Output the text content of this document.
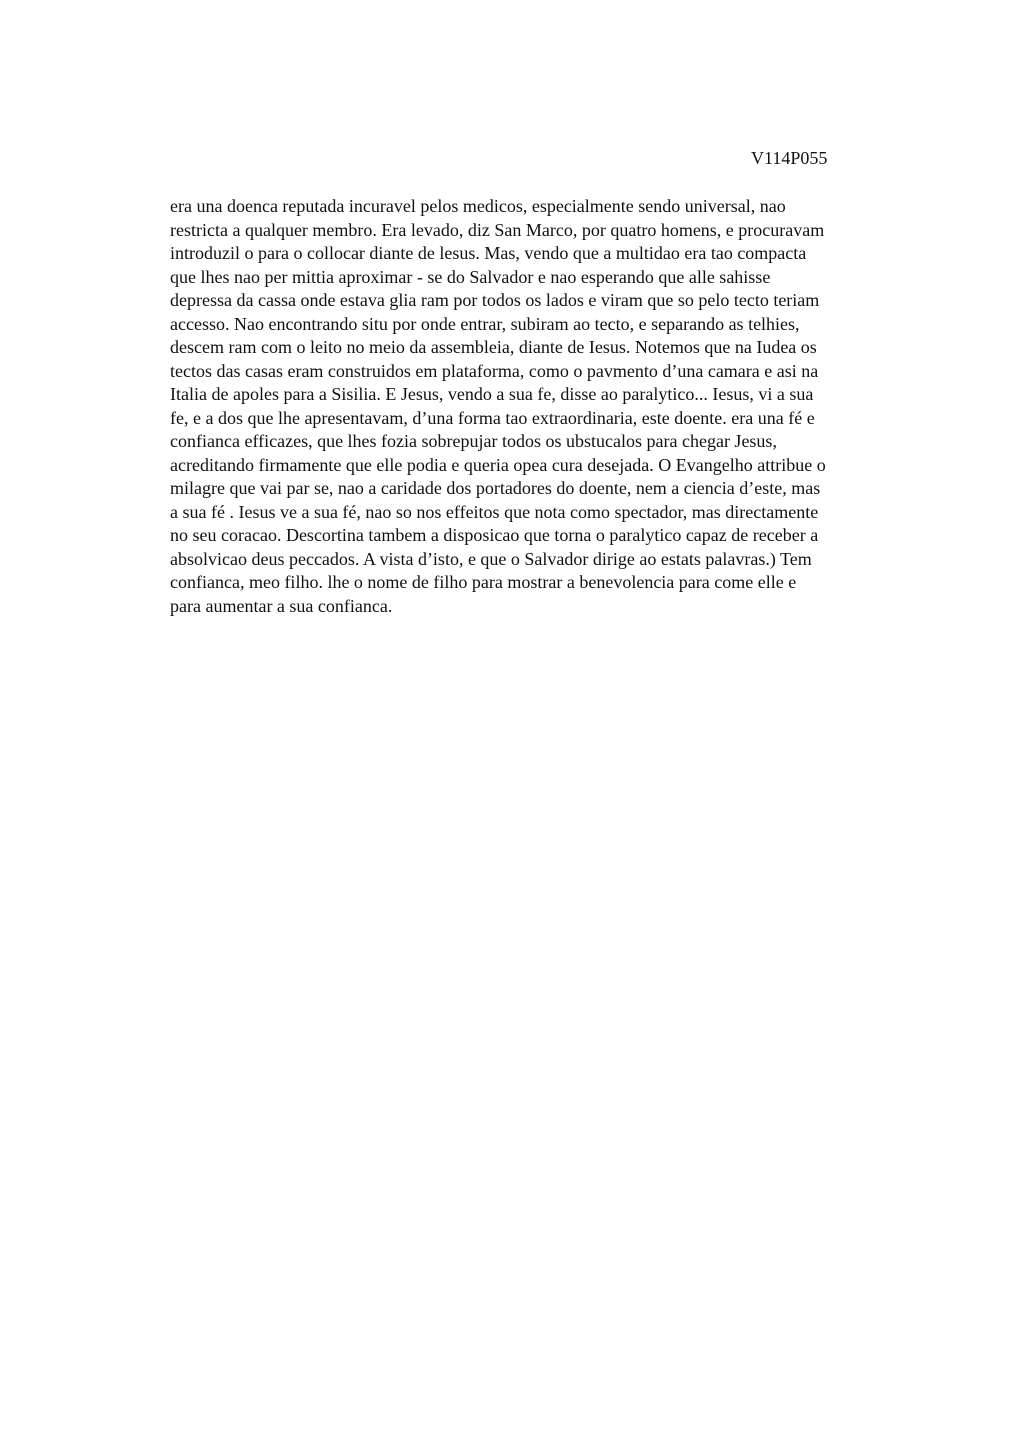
V114P055
era una doenca reputada incuravel pelos medicos, especialmente sendo universal, nao
restricta a qualquer membro. Era levado, diz San Marco, por quatro homens, e procuravam
introduzil o para o collocar diante de lesus. Mas, vendo que a multidao era tao compacta
que lhes nao per mittia aproximar - se do Salvador e nao esperando que alle sahisse
depressa da cassa onde estava glia ram por todos os lados e viram que so pelo tecto teriam
accesso. Nao encontrando situ por onde entrar, subiram ao tecto, e separando as telhies,
descem ram com o leito no meio da assembleia, diante de Iesus. Notemos que na Iudea os
tectos das casas eram construidos em plataforma, como o pavmento d’una camara e asi na
Italia de apoles para a Sisilia. E Jesus, vendo a sua fe, disse ao paralytico... Iesus, vi a sua
fe, e a dos que lhe apresentavam, d’una forma tao extraordinaria, este doente. era una fé e
confianca efficazes, que lhes fozia sobrepujar todos os ubstucalos para chegar Jesus,
acreditando firmamente que elle podia e queria opea cura desejada. O Evangelho attribue o
milagre que vai par se, nao a caridade dos portadores do doente, nem a ciencia d’este, mas
a sua fé . Iesus ve a sua fé, nao so nos effeitos que nota como spectador, mas directamente
no seu coracao. Descortina tambem a disposicao que torna o paralytico capaz de receber a
absolvicao deus peccados. A vista d’isto, e que o Salvador dirige ao estats palavras.) Tem
confianca, meo filho. lhe o nome de filho para mostrar a benevolencia para come elle e
para aumentar a sua confianca.
